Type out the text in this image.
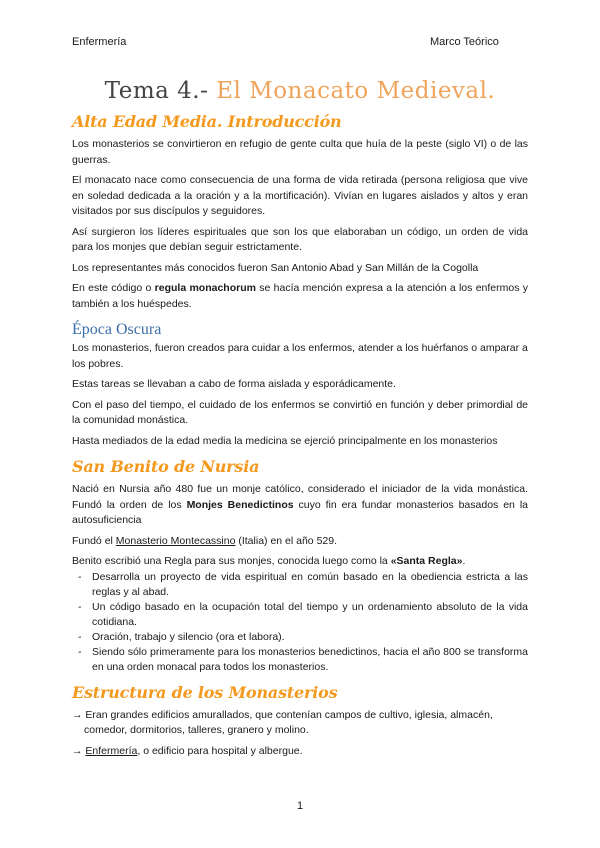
Enfermería	Marco Teórico
Tema 4.- El Monacato Medieval.
Alta Edad Media. Introducción

Los monasterios se convirtieron en refugio de gente culta que huía de la peste (siglo VI) o de las guerras.

El monacato nace como consecuencia de una forma de vida retirada (persona religiosa que vive en soledad dedicada a la oración y a la mortificación). Vivían en lugares aislados y altos y eran visitados por sus discípulos y seguidores.

Así surgieron los líderes espirituales que son los que elaboraban un código, un orden de vida para los monjes que debían seguir estrictamente.

Los representantes más conocidos fueron San Antonio Abad y San Millán de la Cogolla

En este código o regula monachorum se hacía mención expresa a la atención a los enfermos y también a los huéspedes.

Época Oscura

Los monasterios, fueron creados para cuidar a los enfermos, atender a los huérfanos o amparar a los pobres.

Estas tareas se llevaban a cabo de forma aislada y esporádicamente.

Con el paso del tiempo, el cuidado de los enfermos se convirtió en función y deber primordial de la comunidad monástica.

Hasta mediados de la edad media la medicina se ejerció principalmente en los monasterios

San Benito de Nursia

Nació en Nursia año 480 fue un monje católico, considerado el iniciador de la vida monástica. Fundó la orden de los Monjes Benedictinos cuyo fin era fundar monasterios basados en la autosuficiencia

Fundó el Monasterio Montecassino (Italia) en el año 529.

Benito escribió una Regla para sus monjes, conocida luego como la «Santa Regla».

- Desarrolla un proyecto de vida espiritual en común basado en la obediencia estricta a las reglas y al abad.
- Un código basado en la ocupación total del tiempo y un ordenamiento absoluto de la vida cotidiana.
- Oración, trabajo y silencio (ora et labora).
- Siendo sólo primeramente para los monasterios benedictinos, hacia el año 800 se transforma en una orden monacal para todos los monasterios.
Estructura de los Monasterios

→ Eran grandes edificios amurallados, que contenían campos de cultivo, iglesia, almacén, comedor, dormitorios, talleres, granero y molino.

→ Enfermería, o edificio para hospital y albergue.

1
